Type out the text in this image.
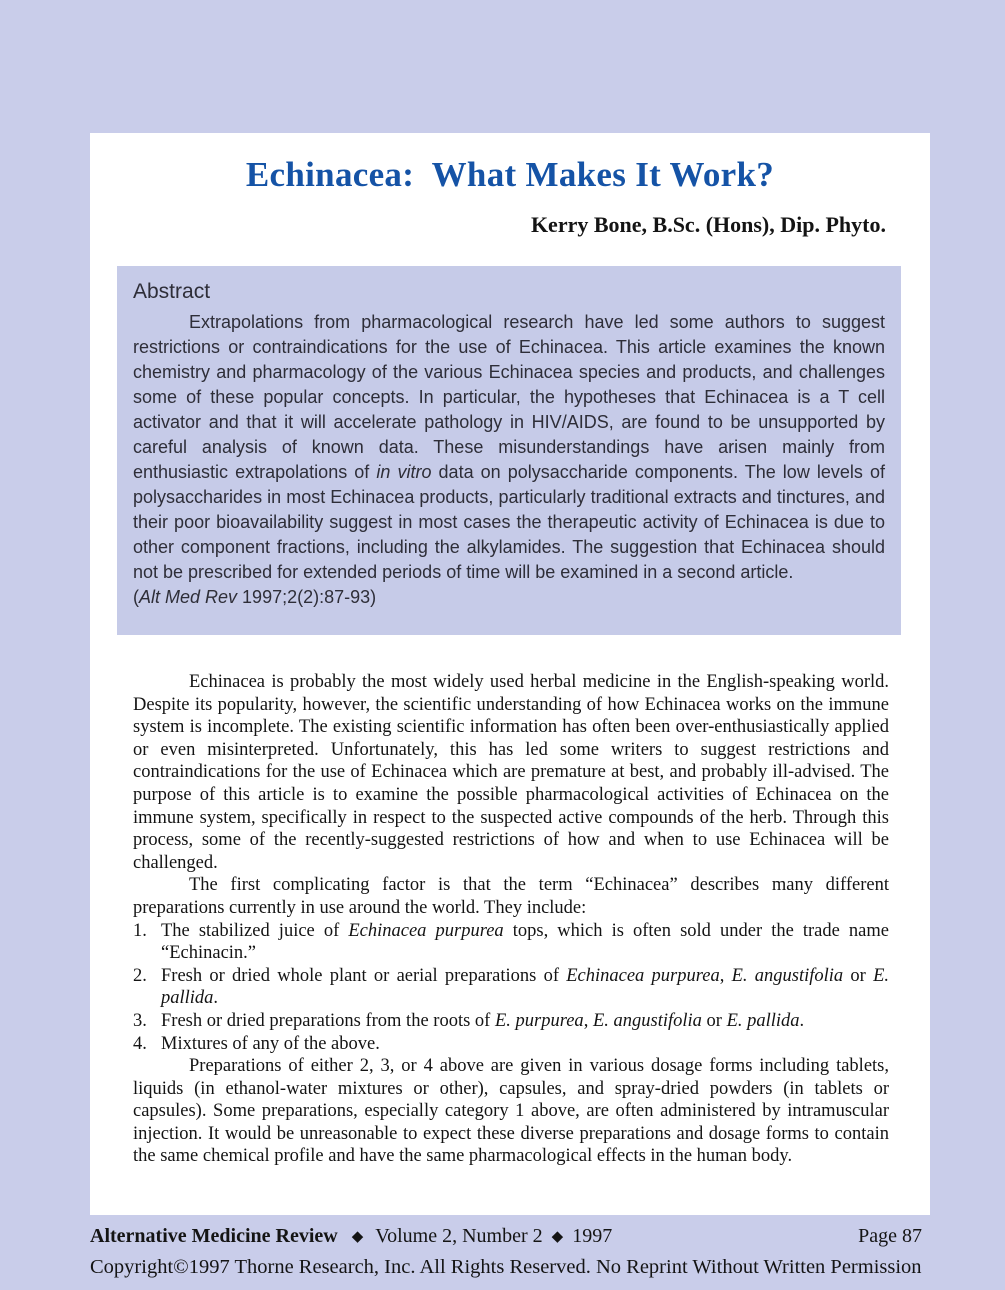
Echinacea:  What Makes It Work?
Kerry Bone, B.Sc. (Hons), Dip. Phyto.
Abstract

Extrapolations from pharmacological research have led some authors to suggest restrictions or contraindications for the use of Echinacea. This article examines the known chemistry and pharmacology of the various Echinacea species and products, and challenges some of these popular concepts. In particular, the hypotheses that Echinacea is a T cell activator and that it will accelerate pathology in HIV/AIDS, are found to be unsupported by careful analysis of known data. These misunderstandings have arisen mainly from enthusiastic extrapolations of in vitro data on polysaccharide components. The low levels of polysaccharides in most Echinacea products, particularly traditional extracts and tinctures, and their poor bioavailability suggest in most cases the therapeutic activity of Echinacea is due to other component fractions, including the alkylamides. The suggestion that Echinacea should not be prescribed for extended periods of time will be examined in a second article.

(Alt Med Rev 1997;2(2):87-93)

Echinacea is probably the most widely used herbal medicine in the English-speaking world. Despite its popularity, however, the scientific understanding of how Echinacea works on the immune system is incomplete. The existing scientific information has often been over-enthusiastically applied or even misinterpreted. Unfortunately, this has led some writers to suggest restrictions and contraindications for the use of Echinacea which are premature at best, and probably ill-advised. The purpose of this article is to examine the possible pharmacological activities of Echinacea on the immune system, specifically in respect to the suspected active compounds of the herb. Through this process, some of the recently-suggested restrictions of how and when to use Echinacea will be challenged.

The first complicating factor is that the term “Echinacea” describes many different preparations currently in use around the world. They include:

1. The stabilized juice of Echinacea purpurea tops, which is often sold under the trade name “Echinacin.”
2. Fresh or dried whole plant or aerial preparations of Echinacea purpurea, E. angustifolia or E. pallida.
3. Fresh or dried preparations from the roots of E. purpurea, E. angustifolia or E. pallida.
4. Mixtures of any of the above.

Preparations of either 2, 3, or 4 above are given in various dosage forms including tablets, liquids (in ethanol-water mixtures or other), capsules, and spray-dried powders (in tablets or capsules). Some preparations, especially category 1 above, are often administered by intramuscular injection. It would be unreasonable to expect these diverse preparations and dosage forms to contain the same chemical profile and have the same pharmacological effects in the human body.

Alternative Medicine Review ◆ Volume 2, Number 2 ◆ 1997	Page 87
Copyright©1997 Thorne Research, Inc. All Rights Reserved. No Reprint Without Written Permission
